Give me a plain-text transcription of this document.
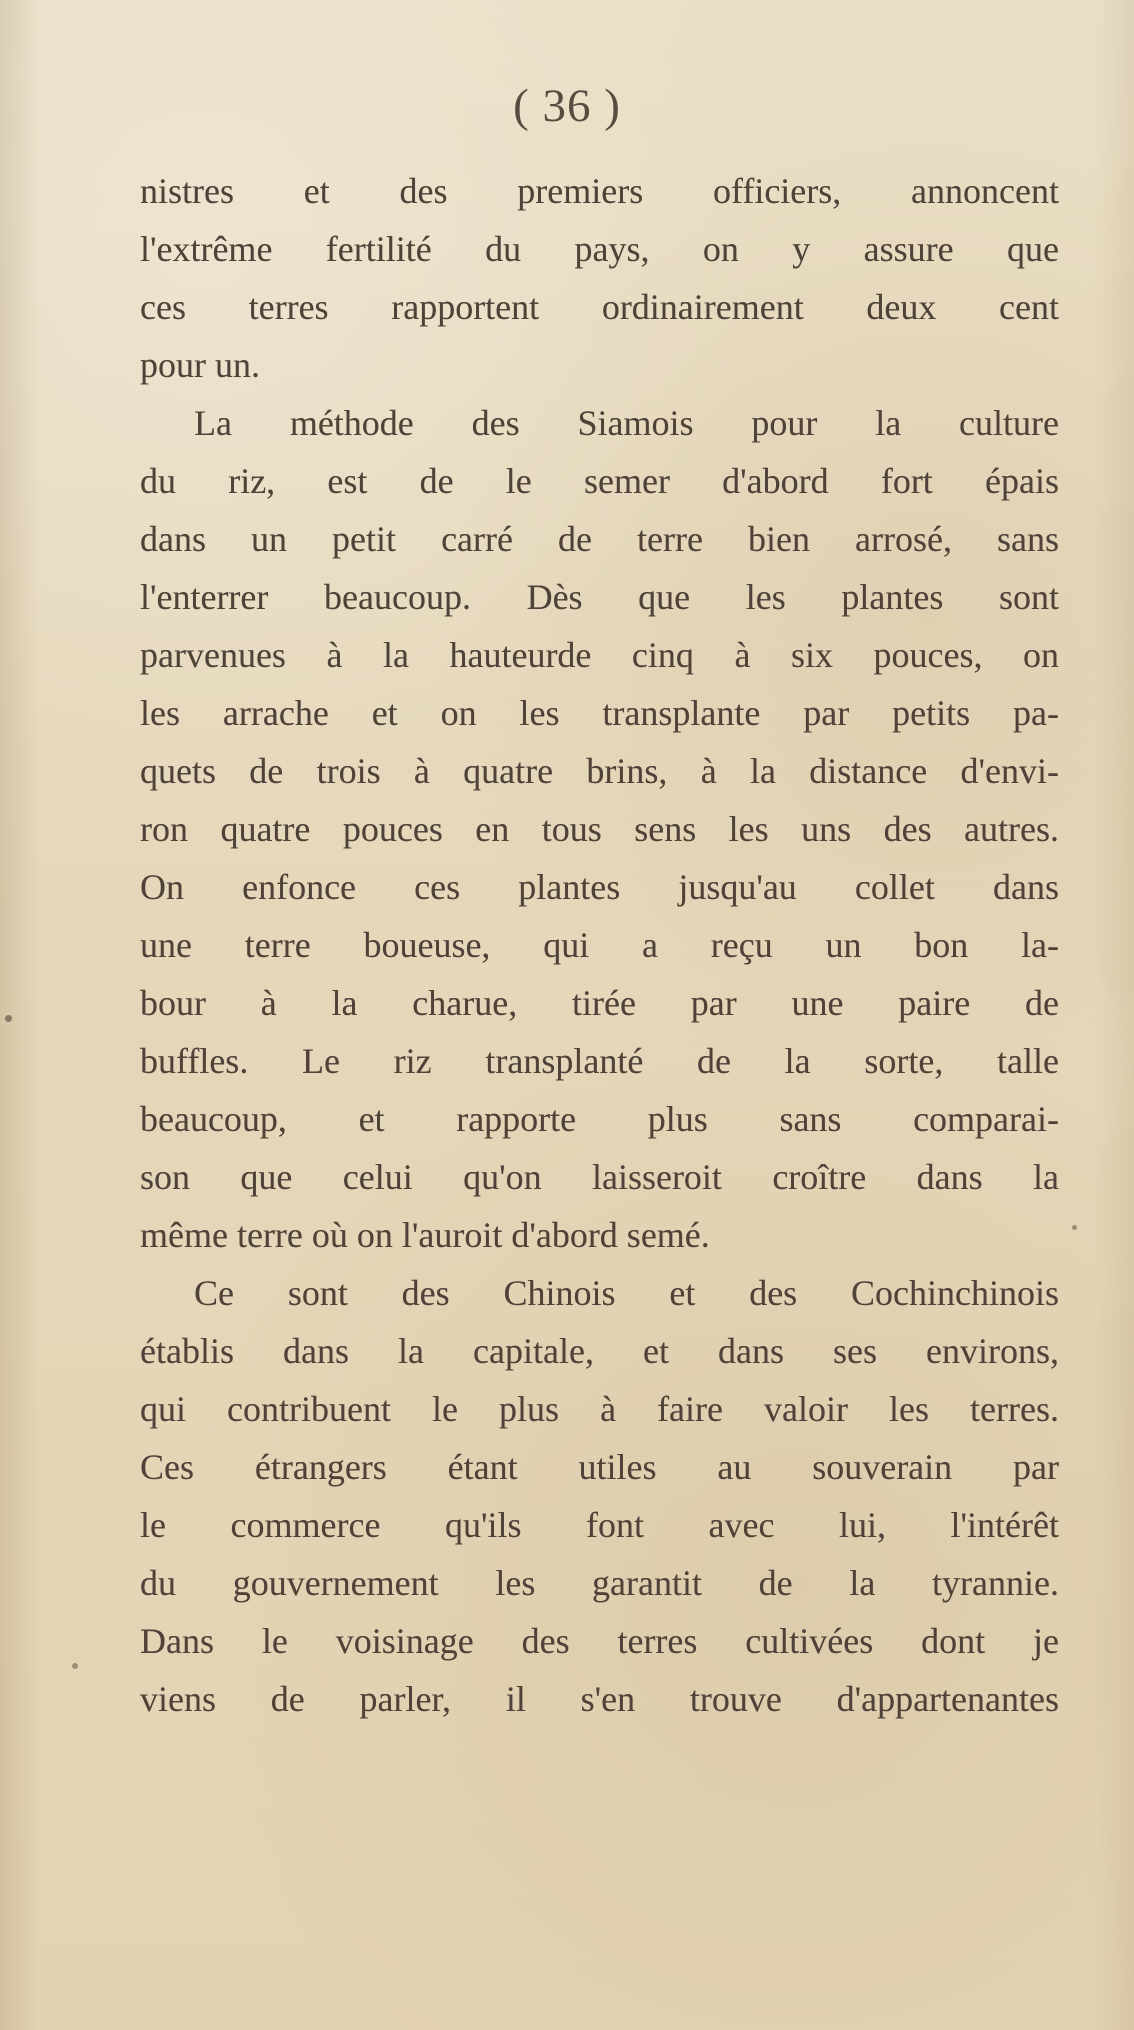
( 36 )
nistres et des premiers officiers, annoncent
l'extrême fertilité du pays, on y assure que
ces terres rapportent ordinairement deux cent
pour un.
La méthode des Siamois pour la culture
du riz, est de le semer d'abord fort épais
dans un petit carré de terre bien arrosé, sans
l'enterrer beaucoup. Dès que les plantes sont
parvenues à la hauteurde cinq à six pouces, on
les arrache et on les transplante par petits pa-
quets de trois à quatre brins, à la distance d'envi-
ron quatre pouces en tous sens les uns des autres.
On enfonce ces plantes jusqu'au collet dans
une terre boueuse, qui a reçu un bon la-
bour à la charue, tirée par une paire de
buffles. Le riz transplanté de la sorte, talle
beaucoup, et rapporte plus sans comparai-
son que celui qu'on laisseroit croître dans la
même terre où on l'auroit d'abord semé.
Ce sont des Chinois et des Cochinchinois
établis dans la capitale, et dans ses environs,
qui contribuent le plus à faire valoir les terres.
Ces étrangers étant utiles au souverain par
le commerce qu'ils font avec lui, l'intérêt
du gouvernement les garantit de la tyrannie.
Dans le voisinage des terres cultivées dont je
viens de parler, il s'en trouve d'appartenantes
